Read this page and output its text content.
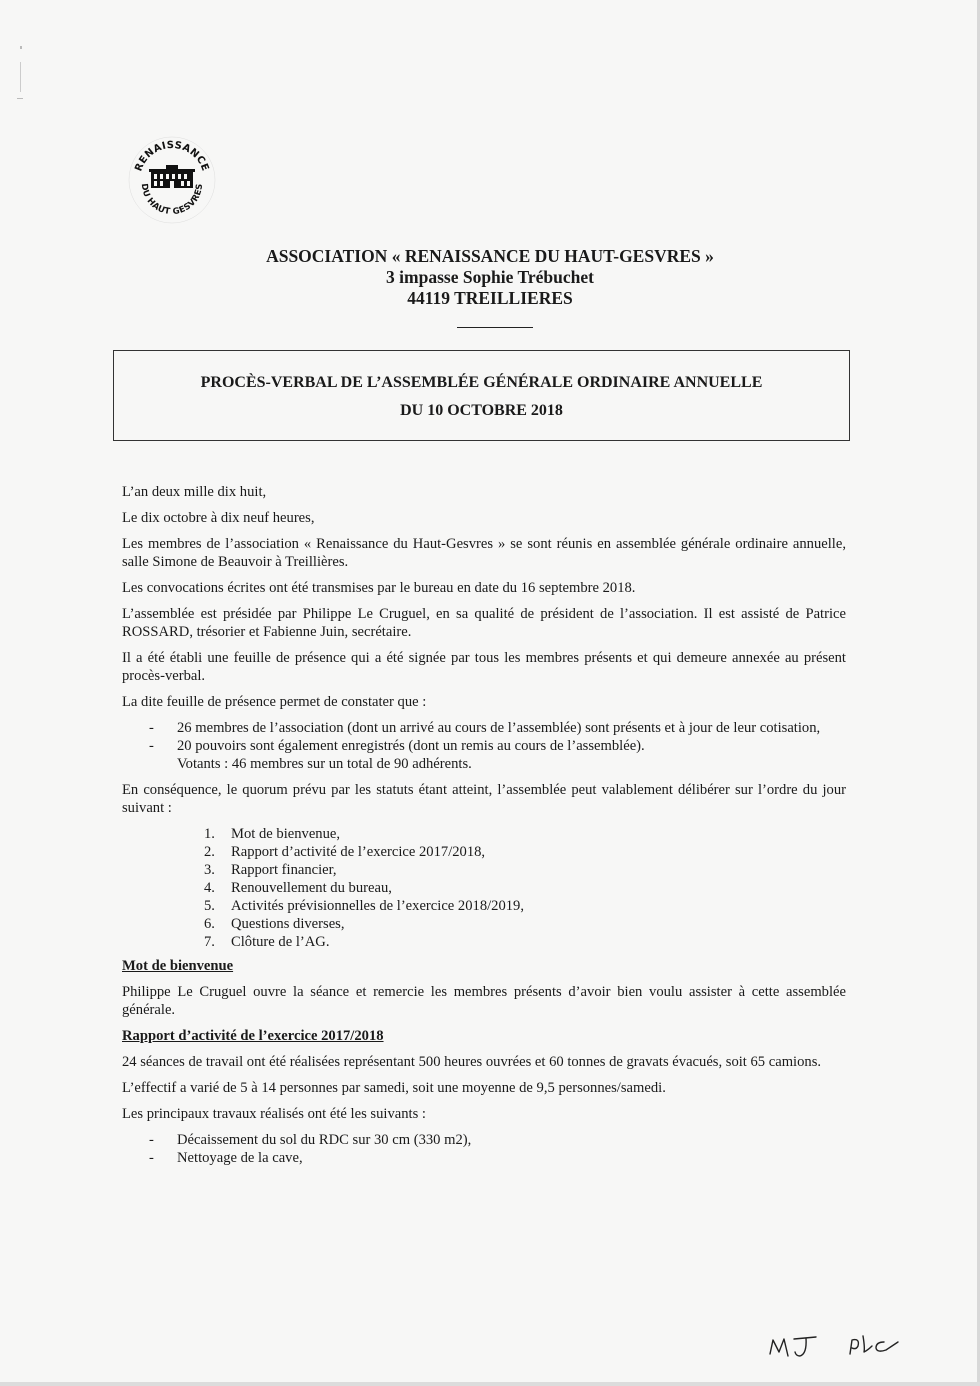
RENAISSANCE
DU HAUT GESVRES
ASSOCIATION « RENAISSANCE DU HAUT-GESVRES »
3 impasse Sophie Trébuchet
44119 TREILLIERES
PROCÈS-VERBAL DE L’ASSEMBLÉE GÉNÉRALE ORDINAIRE ANNUELLE
DU 10 OCTOBRE 2018

L’an deux mille dix huit,

Le dix octobre à dix neuf heures,

Les membres de l’association « Renaissance du Haut-Gesvres » se sont réunis en assemblée générale ordinaire annuelle, salle Simone de Beauvoir à Treillières.

Les convocations écrites ont été transmises par le bureau en date du 16 septembre 2018.

L’assemblée est présidée par Philippe Le Cruguel, en sa qualité de président de l’association. Il est assisté de Patrice ROSSARD, trésorier et Fabienne Juin, secrétaire.

Il a été établi une feuille de présence qui a été signée par tous les membres présents et qui demeure annexée au présent procès-verbal.

La dite feuille de présence permet de constater que :

- 26 membres de l’association (dont un arrivé au cours de l’assemblée) sont présents et à jour de leur cotisation,
- 20 pouvoirs sont également enregistrés (dont un remis au cours de l’assemblée).
Votants : 46 membres sur un total de 90 adhérents.

En conséquence, le quorum prévu par les statuts étant atteint, l’assemblée peut valablement délibérer sur l’ordre du jour suivant :

1.	Mot de bienvenue,
2.	Rapport d’activité de l’exercice 2017/2018,
3.	Rapport financier,
4.	Renouvellement du bureau,
5.	Activités prévisionnelles de l’exercice 2018/2019,
6.	Questions diverses,
7.	Clôture de l’AG.
Mot de bienvenue

Philippe Le Cruguel ouvre la séance et remercie les membres présents d’avoir bien voulu assister à cette assemblée générale.

Rapport d’activité de l’exercice 2017/2018

24 séances de travail ont été réalisées représentant 500 heures ouvrées et 60 tonnes de gravats évacués, soit 65 camions.

L’effectif a varié de 5 à 14 personnes par samedi, soit une moyenne de 9,5 personnes/samedi.

Les principaux travaux réalisés ont été les suivants :

- Décaissement du sol du RDC sur 30 cm (330 m2),
- Nettoyage de la cave,
